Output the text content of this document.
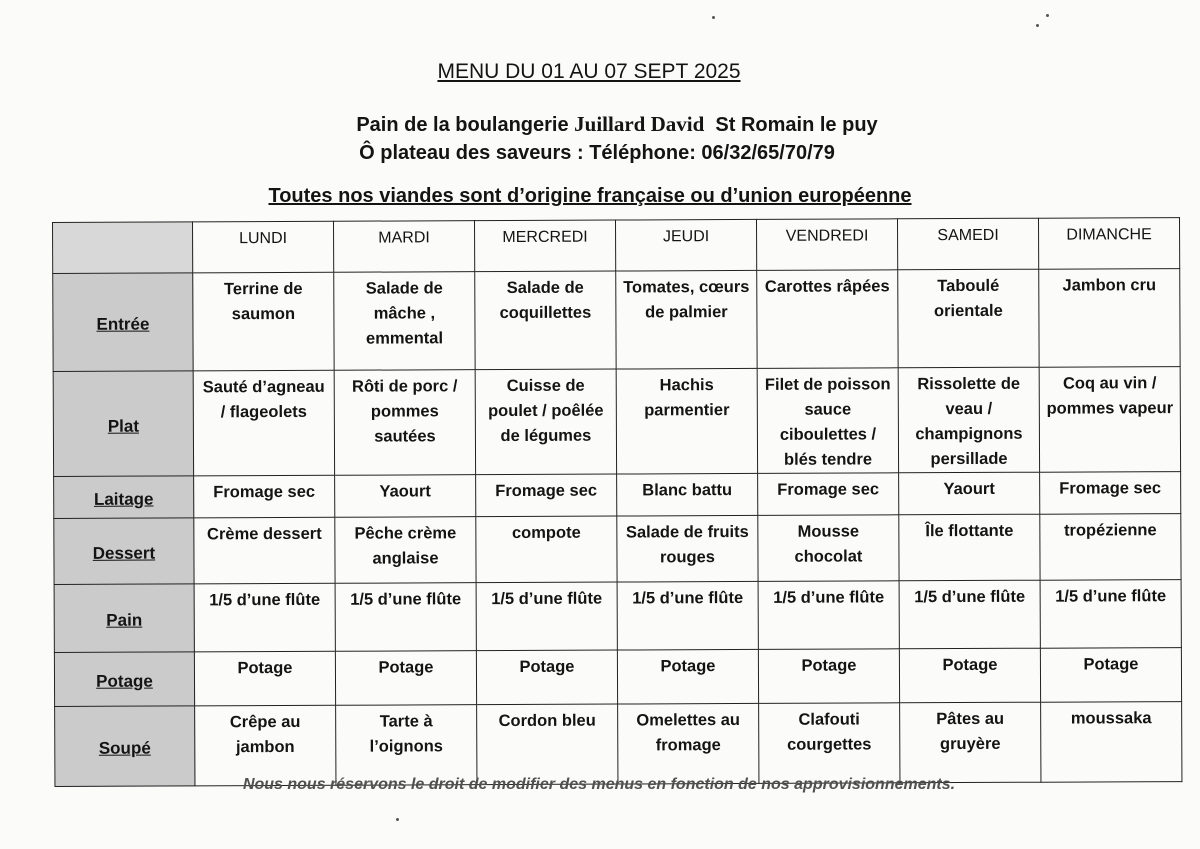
MENU DU 01 AU 07 SEPT 2025
Pain de la boulangerie Juillard David St Romain le puy
Ô plateau des saveurs : Téléphone: 06/32/65/70/79
Toutes nos viandes sont d’origine française ou d’union européenne
	LUNDI	MARDI	MERCREDI	JEUDI	VENDREDI	SAMEDI	DIMANCHE
Entrée	Terrine de saumon	Salade de mâche , emmental	Salade de coquillettes	Tomates, cœurs de palmier	Carottes râpées	Taboulé orientale	Jambon cru
Plat	Sauté d’agneau / flageolets	Rôti de porc / pommes sautées	Cuisse de poulet / poêlée de légumes	Hachis parmentier	Filet de poisson sauce ciboulettes / blés tendre	Rissolette de veau / champignons persillade	Coq au vin / pommes vapeur
Laitage	Fromage sec	Yaourt	Fromage sec	Blanc battu	Fromage sec	Yaourt	Fromage sec
Dessert	Crème dessert	Pêche crème anglaise	compote	Salade de fruits rouges	Mousse chocolat	Île flottante	tropézienne
Pain	1/5 d’une flûte	1/5 d’une flûte	1/5 d’une flûte	1/5 d’une flûte	1/5 d’une flûte	1/5 d’une flûte	1/5 d’une flûte
Potage	Potage	Potage	Potage	Potage	Potage	Potage	Potage
Soupé	Crêpe au jambon	Tarte à l’oignons	Cordon bleu	Omelettes au fromage	Clafouti courgettes	Pâtes au gruyère	moussaka
Nous nous réservons le droit de modifier des menus en fonction de nos approvisionnements.
